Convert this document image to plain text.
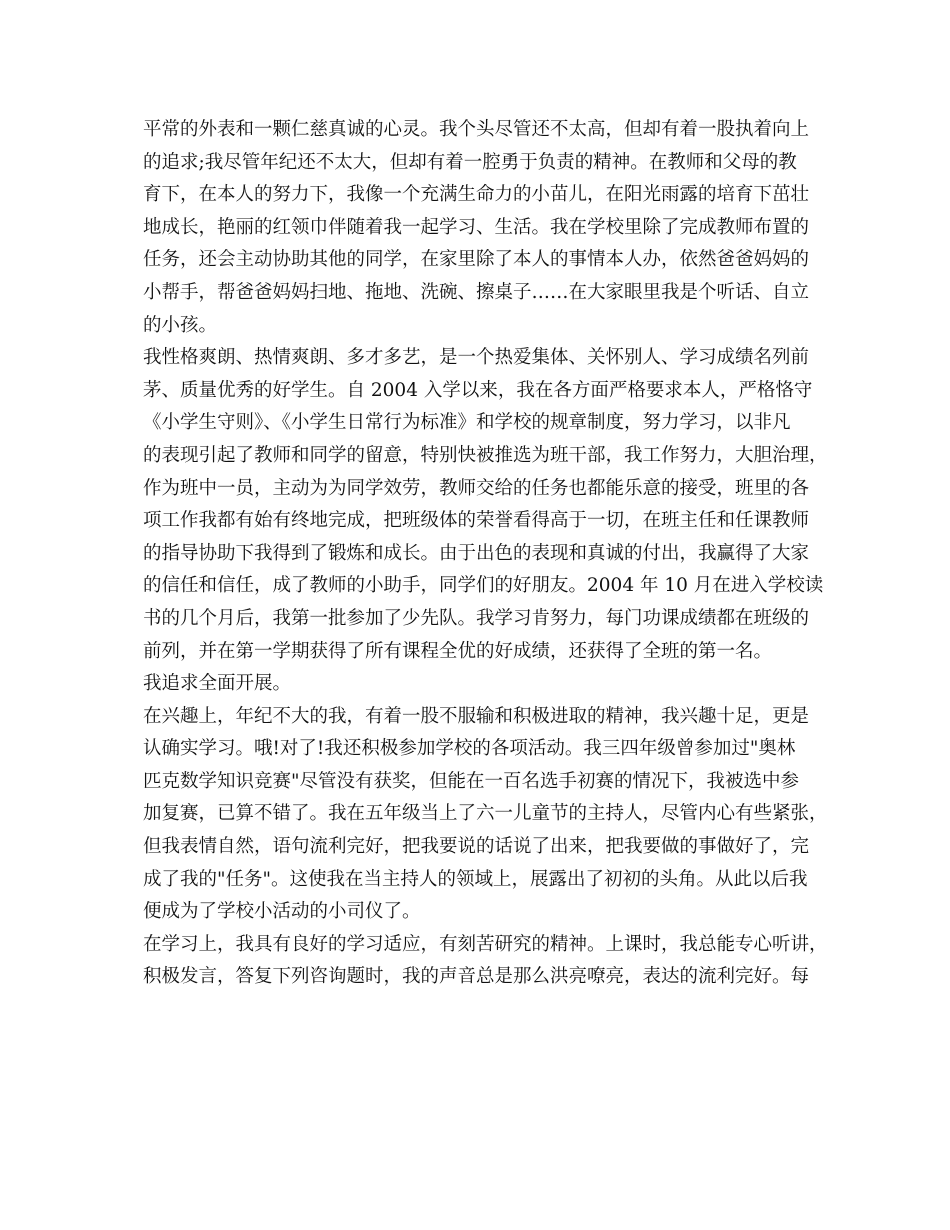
平常的外表和一颗仁慈真诚的心灵。我个头尽管还不太高，但却有着一股执着向上
的追求;我尽管年纪还不太大，但却有着一腔勇于负责的精神。在教师和父母的教
育下，在本人的努力下，我像一个充满生命力的小苗儿，在阳光雨露的培育下茁壮
地成长，艳丽的红领巾伴随着我一起学习、生活。我在学校里除了完成教师布置的
任务，还会主动协助其他的同学，在家里除了本人的事情本人办，依然爸爸妈妈的
小帮手，帮爸爸妈妈扫地、拖地、洗碗、擦桌子……在大家眼里我是个听话、自立
的小孩。
我性格爽朗、热情爽朗、多才多艺，是一个热爱集体、关怀别人、学习成绩名列前
茅、质量优秀的好学生。自 2004 入学以来，我在各方面严格要求本人，严格恪守
《小学生守则》、《小学生日常行为标准》和学校的规章制度，努力学习，以非凡
的表现引起了教师和同学的留意，特别快被推选为班干部，我工作努力，大胆治理，
作为班中一员，主动为为同学效劳，教师交给的任务也都能乐意的接受，班里的各
项工作我都有始有终地完成，把班级体的荣誉看得高于一切，在班主任和任课教师
的指导协助下我得到了锻炼和成长。由于出色的表现和真诚的付出，我赢得了大家
的信任和信任，成了教师的小助手，同学们的好朋友。2004 年 10 月在进入学校读
书的几个月后，我第一批参加了少先队。我学习肯努力，每门功课成绩都在班级的
前列，并在第一学期获得了所有课程全优的好成绩，还获得了全班的第一名。
我追求全面开展。
在兴趣上，年纪不大的我，有着一股不服输和积极进取的精神，我兴趣十足，更是
认确实学习。哦!对了!我还积极参加学校的各项活动。我三四年级曾参加过"奥林
匹克数学知识竞赛"尽管没有获奖，但能在一百名选手初赛的情况下，我被选中参
加复赛，已算不错了。我在五年级当上了六一儿童节的主持人，尽管内心有些紧张，
但我表情自然，语句流利完好，把我要说的话说了出来，把我要做的事做好了，完
成了我的"任务"。这使我在当主持人的领域上，展露出了初初的头角。从此以后我
便成为了学校小活动的小司仪了。
在学习上，我具有良好的学习适应，有刻苦研究的精神。上课时，我总能专心听讲，
积极发言，答复下列咨询题时，我的声音总是那么洪亮嘹亮，表达的流利完好。每
